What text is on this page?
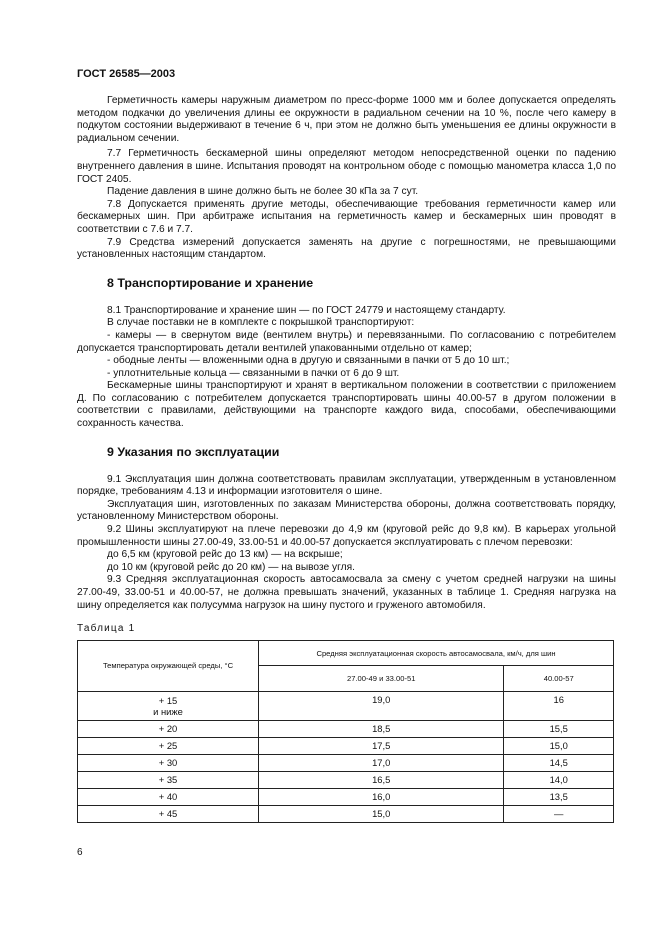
ГОСТ 26585—2003

Герметичность камеры наружным диаметром по пресс-форме 1000 мм и более допускается определять методом подкачки до увеличения длины ее окружности в радиальном сечении на 10 %, после чего камеру в подкутом состоянии выдерживают в течение 6 ч, при этом не должно быть уменьшения ее длины окружности в радиальном сечении.

7.7 Герметичность бескамерной шины определяют методом непосредственной оценки по падению внутреннего давления в шине. Испытания проводят на контрольном ободе с помощью манометра класса 1,0 по ГОСТ 2405.

Падение давления в шине должно быть не более 30 кПа за 7 сут.

7.8 Допускается применять другие методы, обеспечивающие требования герметичности камер или бескамерных шин. При арбитраже испытания на герметичность камер и бескамерных шин проводят в соответствии с 7.6 и 7.7.

7.9 Средства измерений допускается заменять на другие с погрешностями, не превышающими установленных настоящим стандартом.

8 Транспортирование и хранение

8.1 Транспортирование и хранение шин — по ГОСТ 24779 и настоящему стандарту.

В случае поставки не в комплекте с покрышкой транспортируют:

- камеры — в свернутом виде (вентилем внутрь) и перевязанными. По согласованию с потребителем допускается транспортировать детали вентилей упакованными отдельно от камер;

- ободные ленты — вложенными одна в другую и связанными в пачки от 5 до 10 шт.;

- уплотнительные кольца — связанными в пачки от 6 до 9 шт.

Бескамерные шины транспортируют и хранят в вертикальном положении в соответствии с приложением Д. По согласованию с потребителем допускается транспортировать шины 40.00-57 в другом положении в соответствии с правилами, действующими на транспорте каждого вида, способами, обеспечивающими сохранность качества.

9 Указания по эксплуатации

9.1 Эксплуатация шин должна соответствовать правилам эксплуатации, утвержденным в установленном порядке, требованиям 4.13 и информации изготовителя о шине.

Эксплуатация шин, изготовленных по заказам Министерства обороны, должна соответствовать порядку, установленному Министерством обороны.

9.2 Шины эксплуатируют на плече перевозки до 4,9 км (круговой рейс до 9,8 км). В карьерах угольной промышленности шины 27.00-49, 33.00-51 и 40.00-57 допускается эксплуатировать с плечом перевозки:

до 6,5 км (круговой рейс до 13 км) — на вскрыше;

до 10 км (круговой рейс до 20 км) — на вывозе угля.

9.3 Средняя эксплуатационная скорость автосамосвала за смену с учетом средней нагрузки на шины 27.00-49, 33.00-51 и 40.00-57, не должна превышать значений, указанных в таблице 1. Средняя нагрузка на шину определяется как полусумма нагрузок на шину пустого и груженого автомобиля.

Таблица 1
Температура окружающей среды, °С	Средняя эксплуатационная скорость автосамосвала, км/ч, для шин	
	27.00-49 и 33.00-51	40.00-57
+ 15
и ниже	19,0	16
+ 20	18,5	15,5
+ 25	17,5	15,0
+ 30	17,0	14,5
+ 35	16,5	14,0
+ 40	16,0	13,5
+ 45	15,0	—
6
